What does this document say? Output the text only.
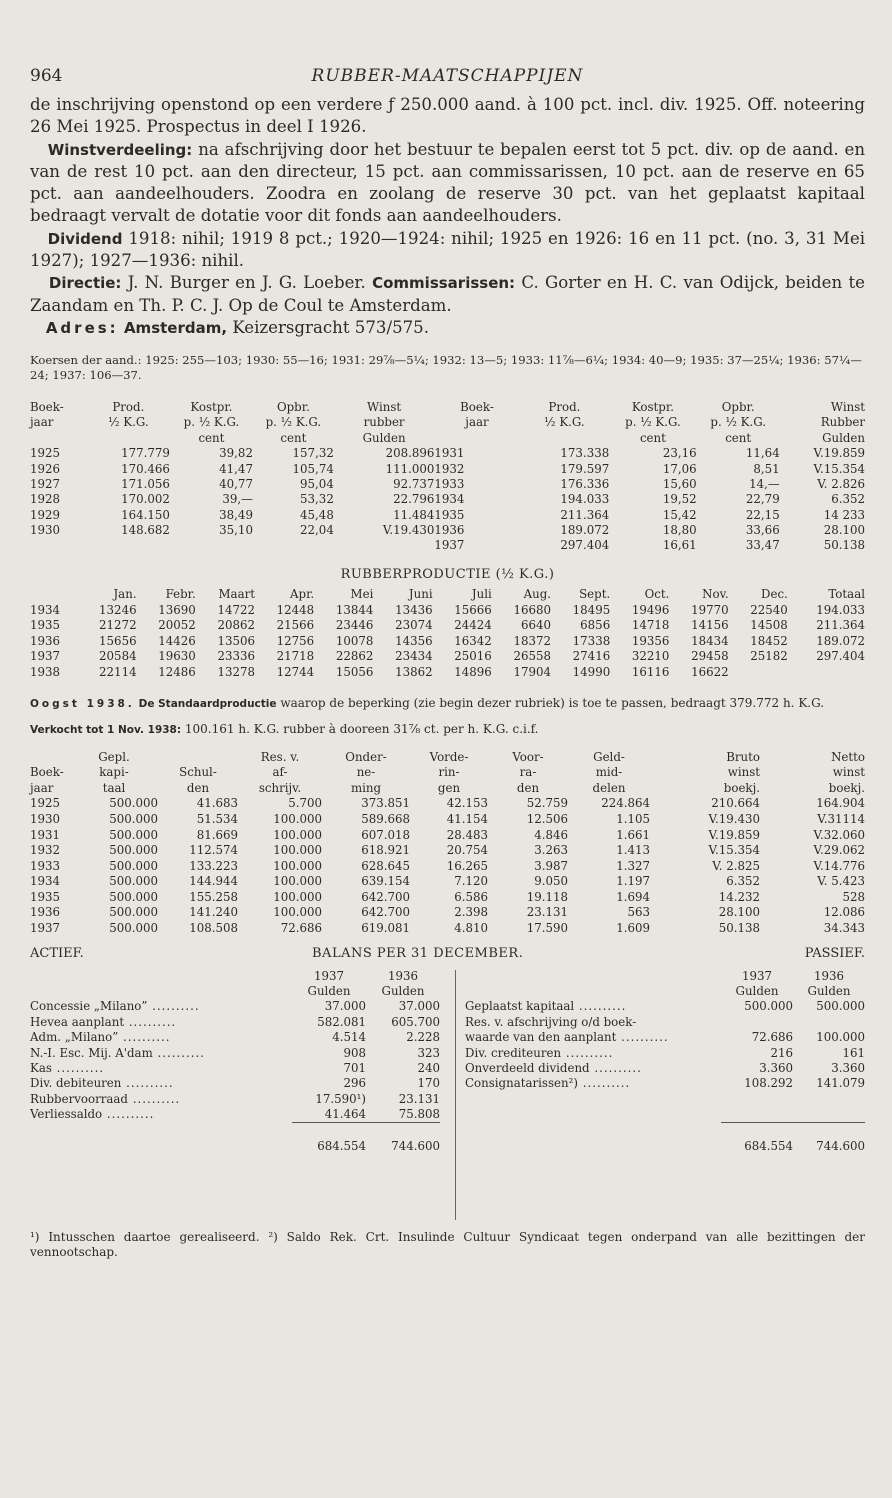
964	RUBBER-MAATSCHAPPIJEN

de inschrijving openstond op een verdere ƒ 250.000 aand. à 100 pct. incl. div. 1925. Off. noteering 26 Mei 1925. Prospectus in deel I 1926.

Winstverdeeling: na afschrijving door het bestuur te bepalen eerst tot 5 pct. div. op de aand. en van de rest 10 pct. aan den directeur, 15 pct. aan commissarissen, 10 pct. aan de reserve en 65 pct. aan aandeelhouders. Zoodra en zoolang de reserve 30 pct. van het geplaatst kapitaal bedraagt vervalt de dotatie voor dit fonds aan aandeelhouders.

Dividend 1918: nihil; 1919 8 pct.; 1920—1924: nihil; 1925 en 1926: 16 en 11 pct. (no. 3, 31 Mei 1927); 1927—1936: nihil.

Directie: J. N. Burger en J. G. Loeber. Commissarissen: C. Gorter en H. C. van Odijck, beiden te Zaandam en Th. P. C. J. Op de Coul te Amsterdam.

Adres: Amsterdam, Keizersgracht 573/575.

Koersen der aand.: 1925: 255—103; 1930: 55—16; 1931: 29⅞—5¼; 1932: 13—5; 1933: 11⅞—6¼; 1934: 40—9; 1935: 37—25¼; 1936: 57¼—24; 1937: 106—37.
Boek-	Prod.	Kostpr.	Opbr.	Winst	Boek-	Prod.	Kostpr.	Opbr.	Winst
jaar	½ K.G.	p. ½ K.G.	p. ½ K.G.	rubber	jaar	½ K.G.	p. ½ K.G.	p. ½ K.G.	Rubber
		cent	cent	Gulden			cent	cent	Gulden
1925	177.779	39,82	157,32	208.896	1931	173.338	23,16	11,64	V.19.859
1926	170.466	41,47	105,74	111.000	1932	179.597	17,06	8,51	V.15.354
1927	171.056	40,77	95,04	92.737	1933	176.336	15,60	14,—	V. 2.826
1928	170.002	39,—	53,32	22.796	1934	194.033	19,52	22,79	6.352
1929	164.150	38,49	45,48	11.484	1935	211.364	15,42	22,15	14 233
1930	148.682	35,10	22,04	V.19.430	1936	189.072	18,80	33,66	28.100
					1937	297.404	16,61	33,47	50.138
RUBBERPRODUCTIE (½ K.G.)
	Jan.	Febr.	Maart	Apr.	Mei	Juni	Juli	Aug.	Sept.	Oct.	Nov.	Dec.	Totaal
1934	13246	13690	14722	12448	13844	13436	15666	16680	18495	19496	19770	22540	194.033
1935	21272	20052	20862	21566	23446	23074	24424	6640	6856	14718	14156	14508	211.364
1936	15656	14426	13506	12756	10078	14356	16342	18372	17338	19356	18434	18452	189.072
1937	20584	19630	23336	21718	22862	23434	25016	26558	27416	32210	29458	25182	297.404
1938	22114	12486	13278	12744	15056	13862	14896	17904	14990	16116	16622		
Oogst 1938. De Standaardproductie waarop de beperking (zie begin dezer rubriek) is toe te passen, bedraagt 379.772 h. K.G.
Verkocht tot 1 Nov. 1938: 100.161 h. K.G. rubber à dooreen 31⅞ ct. per h. K.G. c.i.f.
	Gepl.		Res. v.	Onder-	Vorde-	Voor-	Geld-	Bruto	Netto
Boek-	kapi-	Schul-	af-	ne-	rin-	ra-	mid-	winst	winst
jaar	taal	den	schrijv.	ming	gen	den	delen	boekj.	boekj.
1925	500.000	41.683	5.700	373.851	42.153	52.759	224.864	210.664	164.904
1930	500.000	51.534	100.000	589.668	41.154	12.506	1.105	V.19.430	V.31114
1931	500.000	81.669	100.000	607.018	28.483	4.846	1.661	V.19.859	V.32.060
1932	500.000	112.574	100.000	618.921	20.754	3.263	1.413	V.15.354	V.29.062
1933	500.000	133.223	100.000	628.645	16.265	3.987	1.327	V. 2.825	V.14.776
1934	500.000	144.944	100.000	639.154	7.120	9.050	1.197	6.352	V. 5.423
1935	500.000	155.258	100.000	642.700	6.586	19.118	1.694	14.232	528
1936	500.000	141.240	100.000	642.700	2.398	23.131	563	28.100	12.086
1937	500.000	108.508	72.686	619.081	4.810	17.590	1.609	50.138	34.343
ACTIEF.	BALANS PER 31 DECEMBER.	PASSIEF.
	1937	1936
	Gulden	Gulden
Concessie „Milano” ..........	37.000	37.000
Hevea aanplant ..........	582.081	605.700
Adm. „Milano” ..........	4.514	2.228
N.-I. Esc. Mij. A'dam ..........	908	323
Kas ..........	701	240
Div. debiteuren ..........	296	170
Rubbervoorraad ..........	17.590¹)	23.131
Verliessaldo ..........	41.464	75.808

	684.554	744.600
	1937	1936
	Gulden	Gulden
Geplaatst kapitaal ..........	500.000	500.000
Res. v. afschrijving o/d boek-		
waarde van den aanplant ..........	72.686	100.000
Div. crediteuren ..........	216	161
Onverdeeld dividend ..........	3.360	3.360
Consignatarissen²) ..........	108.292	141.079

	684.554	744.600
¹) Intusschen daartoe gerealiseerd. ²) Saldo Rek. Crt. Insulinde Cultuur Syndicaat tegen onderpand van alle bezittingen der vennootschap.
